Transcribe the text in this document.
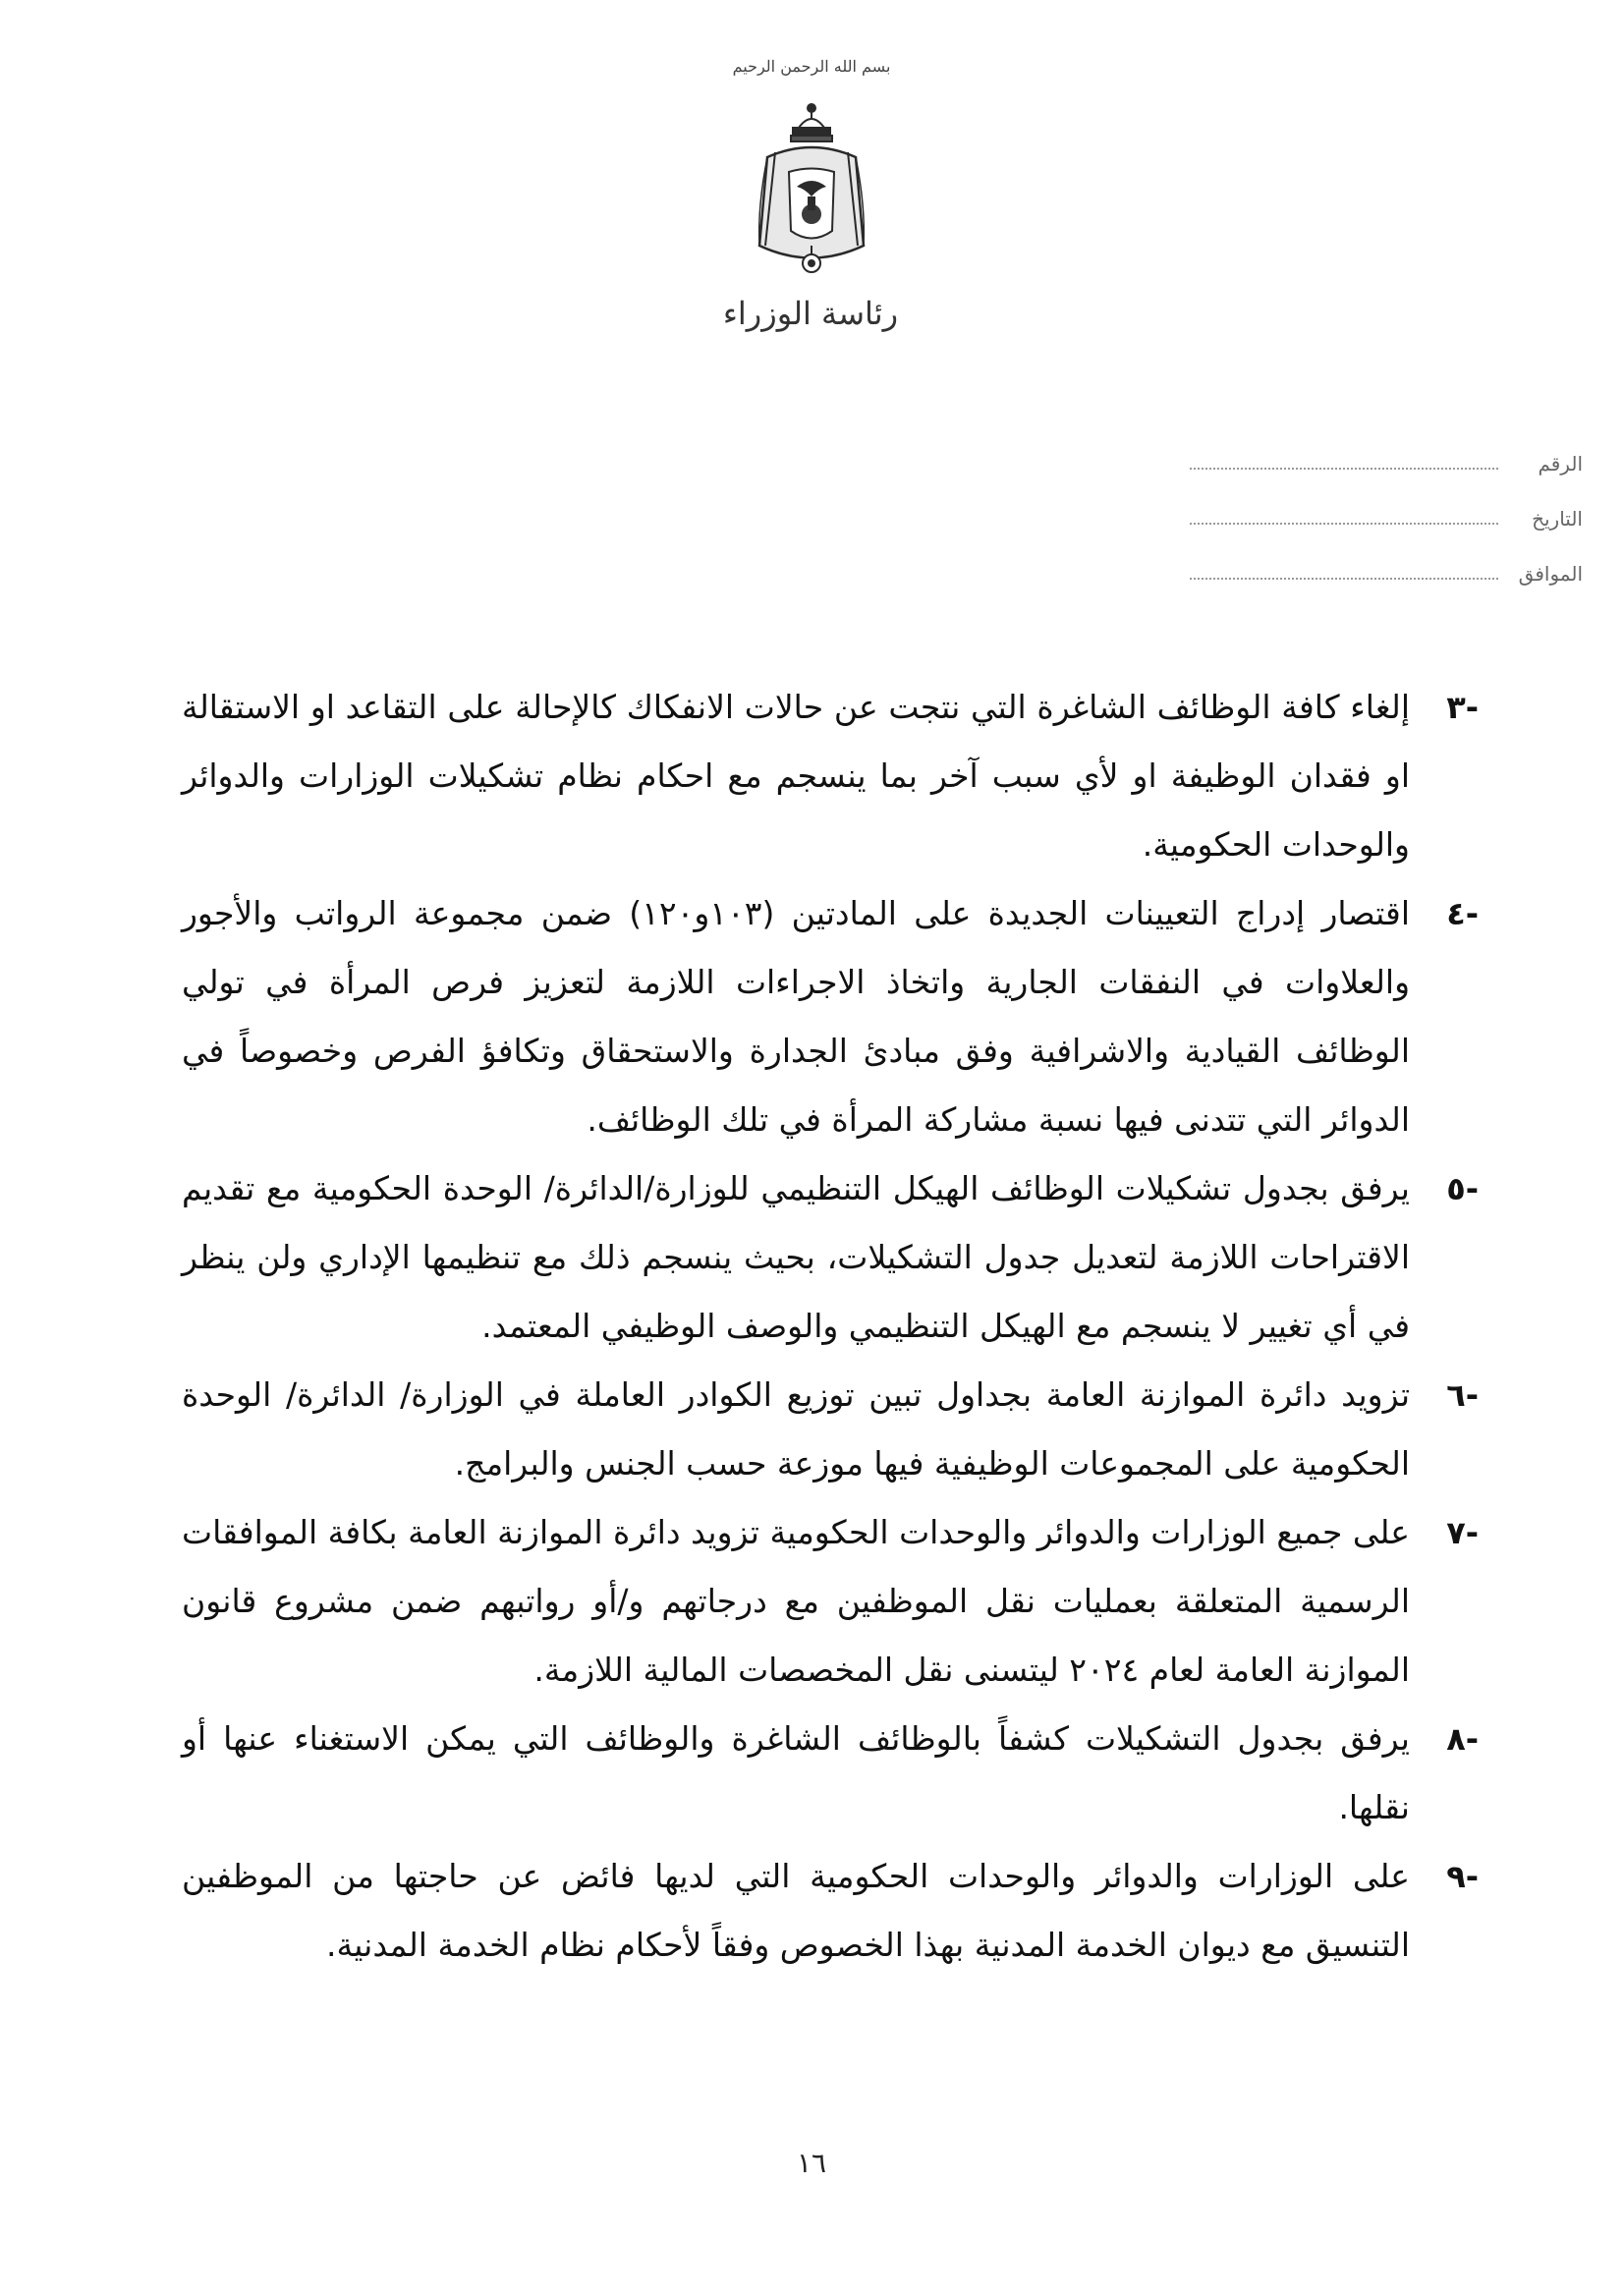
بسم الله الرحمن الرحيم
رئاسة الوزراء
الرقم
التاريخ
الموافق
-٣
إلغاء كافة الوظائف الشاغرة التي نتجت عن حالات الانفكاك كالإحالة على التقاعد او الاستقالة او فقدان الوظيفة او لأي سبب آخر بما ينسجم مع احكام نظام تشكيلات الوزارات والدوائر والوحدات الحكومية.
-٤
اقتصار إدراج التعيينات الجديدة على المادتين (١٠٣و١٢٠) ضمن مجموعة الرواتب والأجور والعلاوات في النفقات الجارية واتخاذ الاجراءات اللازمة لتعزيز فرص المرأة في تولي الوظائف القيادية والاشرافية وفق مبادئ الجدارة والاستحقاق وتكافؤ الفرص وخصوصاً في الدوائر التي تتدنى فيها نسبة مشاركة المرأة في تلك الوظائف.
-٥
يرفق بجدول تشكيلات الوظائف الهيكل التنظيمي للوزارة/الدائرة/ الوحدة الحكومية مع تقديم الاقتراحات اللازمة لتعديل جدول التشكيلات، بحيث ينسجم ذلك مع تنظيمها الإداري ولن ينظر في أي تغيير لا ينسجم مع الهيكل التنظيمي والوصف الوظيفي المعتمد.
-٦
تزويد دائرة الموازنة العامة بجداول تبين توزيع الكوادر العاملة في الوزارة/ الدائرة/ الوحدة الحكومية على المجموعات الوظيفية فيها موزعة حسب الجنس والبرامج.
-٧
على جميع الوزارات والدوائر والوحدات الحكومية تزويد دائرة الموازنة العامة بكافة الموافقات الرسمية المتعلقة بعمليات نقل الموظفين مع درجاتهم و/أو رواتبهم ضمن مشروع قانون الموازنة العامة لعام ٢٠٢٤ ليتسنى نقل المخصصات المالية اللازمة.
-٨
يرفق بجدول التشكيلات كشفاً بالوظائف الشاغرة والوظائف التي يمكن الاستغناء عنها أو نقلها.
-٩
على الوزارات والدوائر والوحدات الحكومية التي لديها فائض عن حاجتها من الموظفين التنسيق مع ديوان الخدمة المدنية بهذا الخصوص وفقاً لأحكام نظام الخدمة المدنية.
١٦
